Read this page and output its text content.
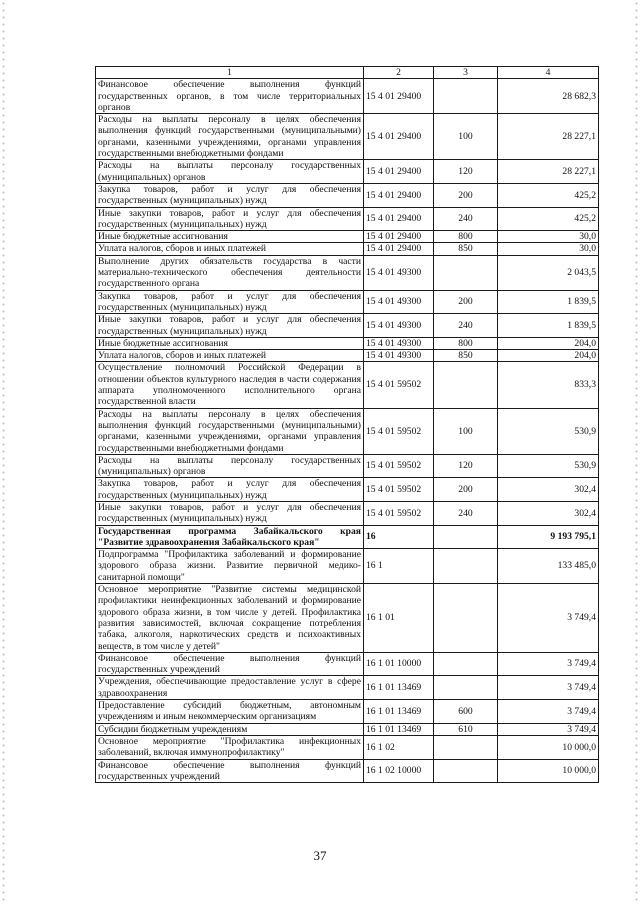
1	2	3	4
Финансовое обеспечение выполнения функций государственных органов, в том числе территориальных органов	15 4 01 29400		28 682,3
Расходы на выплаты персоналу в целях обеспечения выполнения функций государственными (муниципальными) органами, казенными учреждениями, органами управления государственными внебюджетными фондами	15 4 01 29400	100	28 227,1
Расходы на выплаты персоналу государственных (муниципальных) органов	15 4 01 29400	120	28 227,1
Закупка товаров, работ и услуг для обеспечения государственных (муниципальных) нужд	15 4 01 29400	200	425,2
Иные закупки товаров, работ и услуг для обеспечения государственных (муниципальных) нужд	15 4 01 29400	240	425,2
Иные бюджетные ассигнования	15 4 01 29400	800	30,0
Уплата налогов, сборов и иных платежей	15 4 01 29400	850	30,0
Выполнение других обязательств государства в части материально-технического обеспечения деятельности государственного органа	15 4 01 49300		2 043,5
Закупка товаров, работ и услуг для обеспечения государственных (муниципальных) нужд	15 4 01 49300	200	1 839,5
Иные закупки товаров, работ и услуг для обеспечения государственных (муниципальных) нужд	15 4 01 49300	240	1 839,5
Иные бюджетные ассигнования	15 4 01 49300	800	204,0
Уплата налогов, сборов и иных платежей	15 4 01 49300	850	204,0
Осуществление полномочий Российской Федерации в отношении объектов культурного наследия в части содержания аппарата уполномоченного исполнительного органа государственной власти	15 4 01 59502		833,3
Расходы на выплаты персоналу в целях обеспечения выполнения функций государственными (муниципальными) органами, казенными учреждениями, органами управления государственными внебюджетными фондами	15 4 01 59502	100	530,9
Расходы на выплаты персоналу государственных (муниципальных) органов	15 4 01 59502	120	530,9
Закупка товаров, работ и услуг для обеспечения государственных (муниципальных) нужд	15 4 01 59502	200	302,4
Иные закупки товаров, работ и услуг для обеспечения государственных (муниципальных) нужд	15 4 01 59502	240	302,4
Государственная программа Забайкальского края "Развитие здравоохранения Забайкальского края"	16		9 193 795,1
Подпрограмма "Профилактика заболеваний и формирование здорового образа жизни. Развитие первичной медико-санитарной помощи"	16 1		133 485,0
Основное мероприятие "Развитие системы медицинской профилактики неинфекционных заболеваний и формирование здорового образа жизни, в том числе у детей. Профилактика развития зависимостей, включая сокращение потребления табака, алкоголя, наркотических средств и психоактивных веществ, в том числе у детей"	16 1 01		3 749,4
Финансовое обеспечение выполнения функций государственных учреждений	16 1 01 10000		3 749,4
Учреждения, обеспечивающие предоставление услуг в сфере здравоохранения	16 1 01 13469		3 749,4
Предоставление субсидий бюджетным, автономным учреждениям и иным некоммерческим организациям	16 1 01 13469	600	3 749,4
Субсидии бюджетным учреждениям	16 1 01 13469	610	3 749,4
Основное мероприятие "Профилактика инфекционных заболеваний, включая иммунопрофилактику"	16 1 02		10 000,0
Финансовое обеспечение выполнения функций государственных учреждений	16 1 02 10000		10 000,0
37
